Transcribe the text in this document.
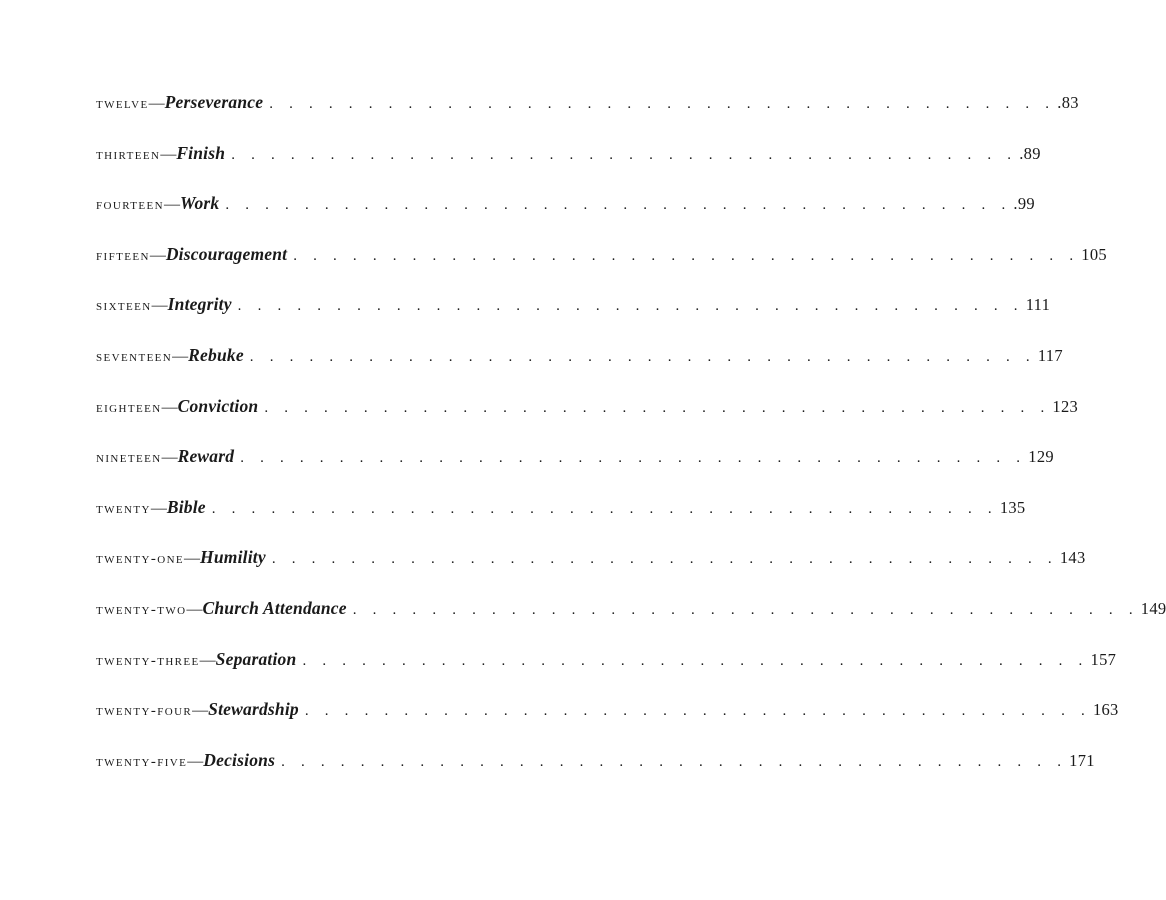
twelve — Perseverance . . . . . . . . . . . . . . . . . . . . . . . . . . . . . . . . . . . . . . . . .83
thirteen — Finish . . . . . . . . . . . . . . . . . . . . . . . . . . . . . . . . . . . . . . . . .89
fourteen — Work . . . . . . . . . . . . . . . . . . . . . . . . . . . . . . . . . . . . . . . . .99
fifteen — Discouragement . . . . . . . . . . . . . . . . . . . . . . . . . . . . . . . . . . . . . . . . 105
sixteen — Integrity . . . . . . . . . . . . . . . . . . . . . . . . . . . . . . . . . . . . . . . . 111
seventeen — Rebuke . . . . . . . . . . . . . . . . . . . . . . . . . . . . . . . . . . . . . . . . 117
eighteen — Conviction . . . . . . . . . . . . . . . . . . . . . . . . . . . . . . . . . . . . . . . . 123
nineteen — Reward . . . . . . . . . . . . . . . . . . . . . . . . . . . . . . . . . . . . . . . . 129
twenty — Bible . . . . . . . . . . . . . . . . . . . . . . . . . . . . . . . . . . . . . . . . 135
twenty-one — Humility . . . . . . . . . . . . . . . . . . . . . . . . . . . . . . . . . . . . . . . . 143
twenty-two — Church Attendance . . . . . . . . . . . . . . . . . . . . . . . . . . . . . . . . . . . . . . . . 149
twenty-three — Separation . . . . . . . . . . . . . . . . . . . . . . . . . . . . . . . . . . . . . . . . 157
twenty-four — Stewardship . . . . . . . . . . . . . . . . . . . . . . . . . . . . . . . . . . . . . . . . 163
twenty-five — Decisions . . . . . . . . . . . . . . . . . . . . . . . . . . . . . . . . . . . . . . . . 171
